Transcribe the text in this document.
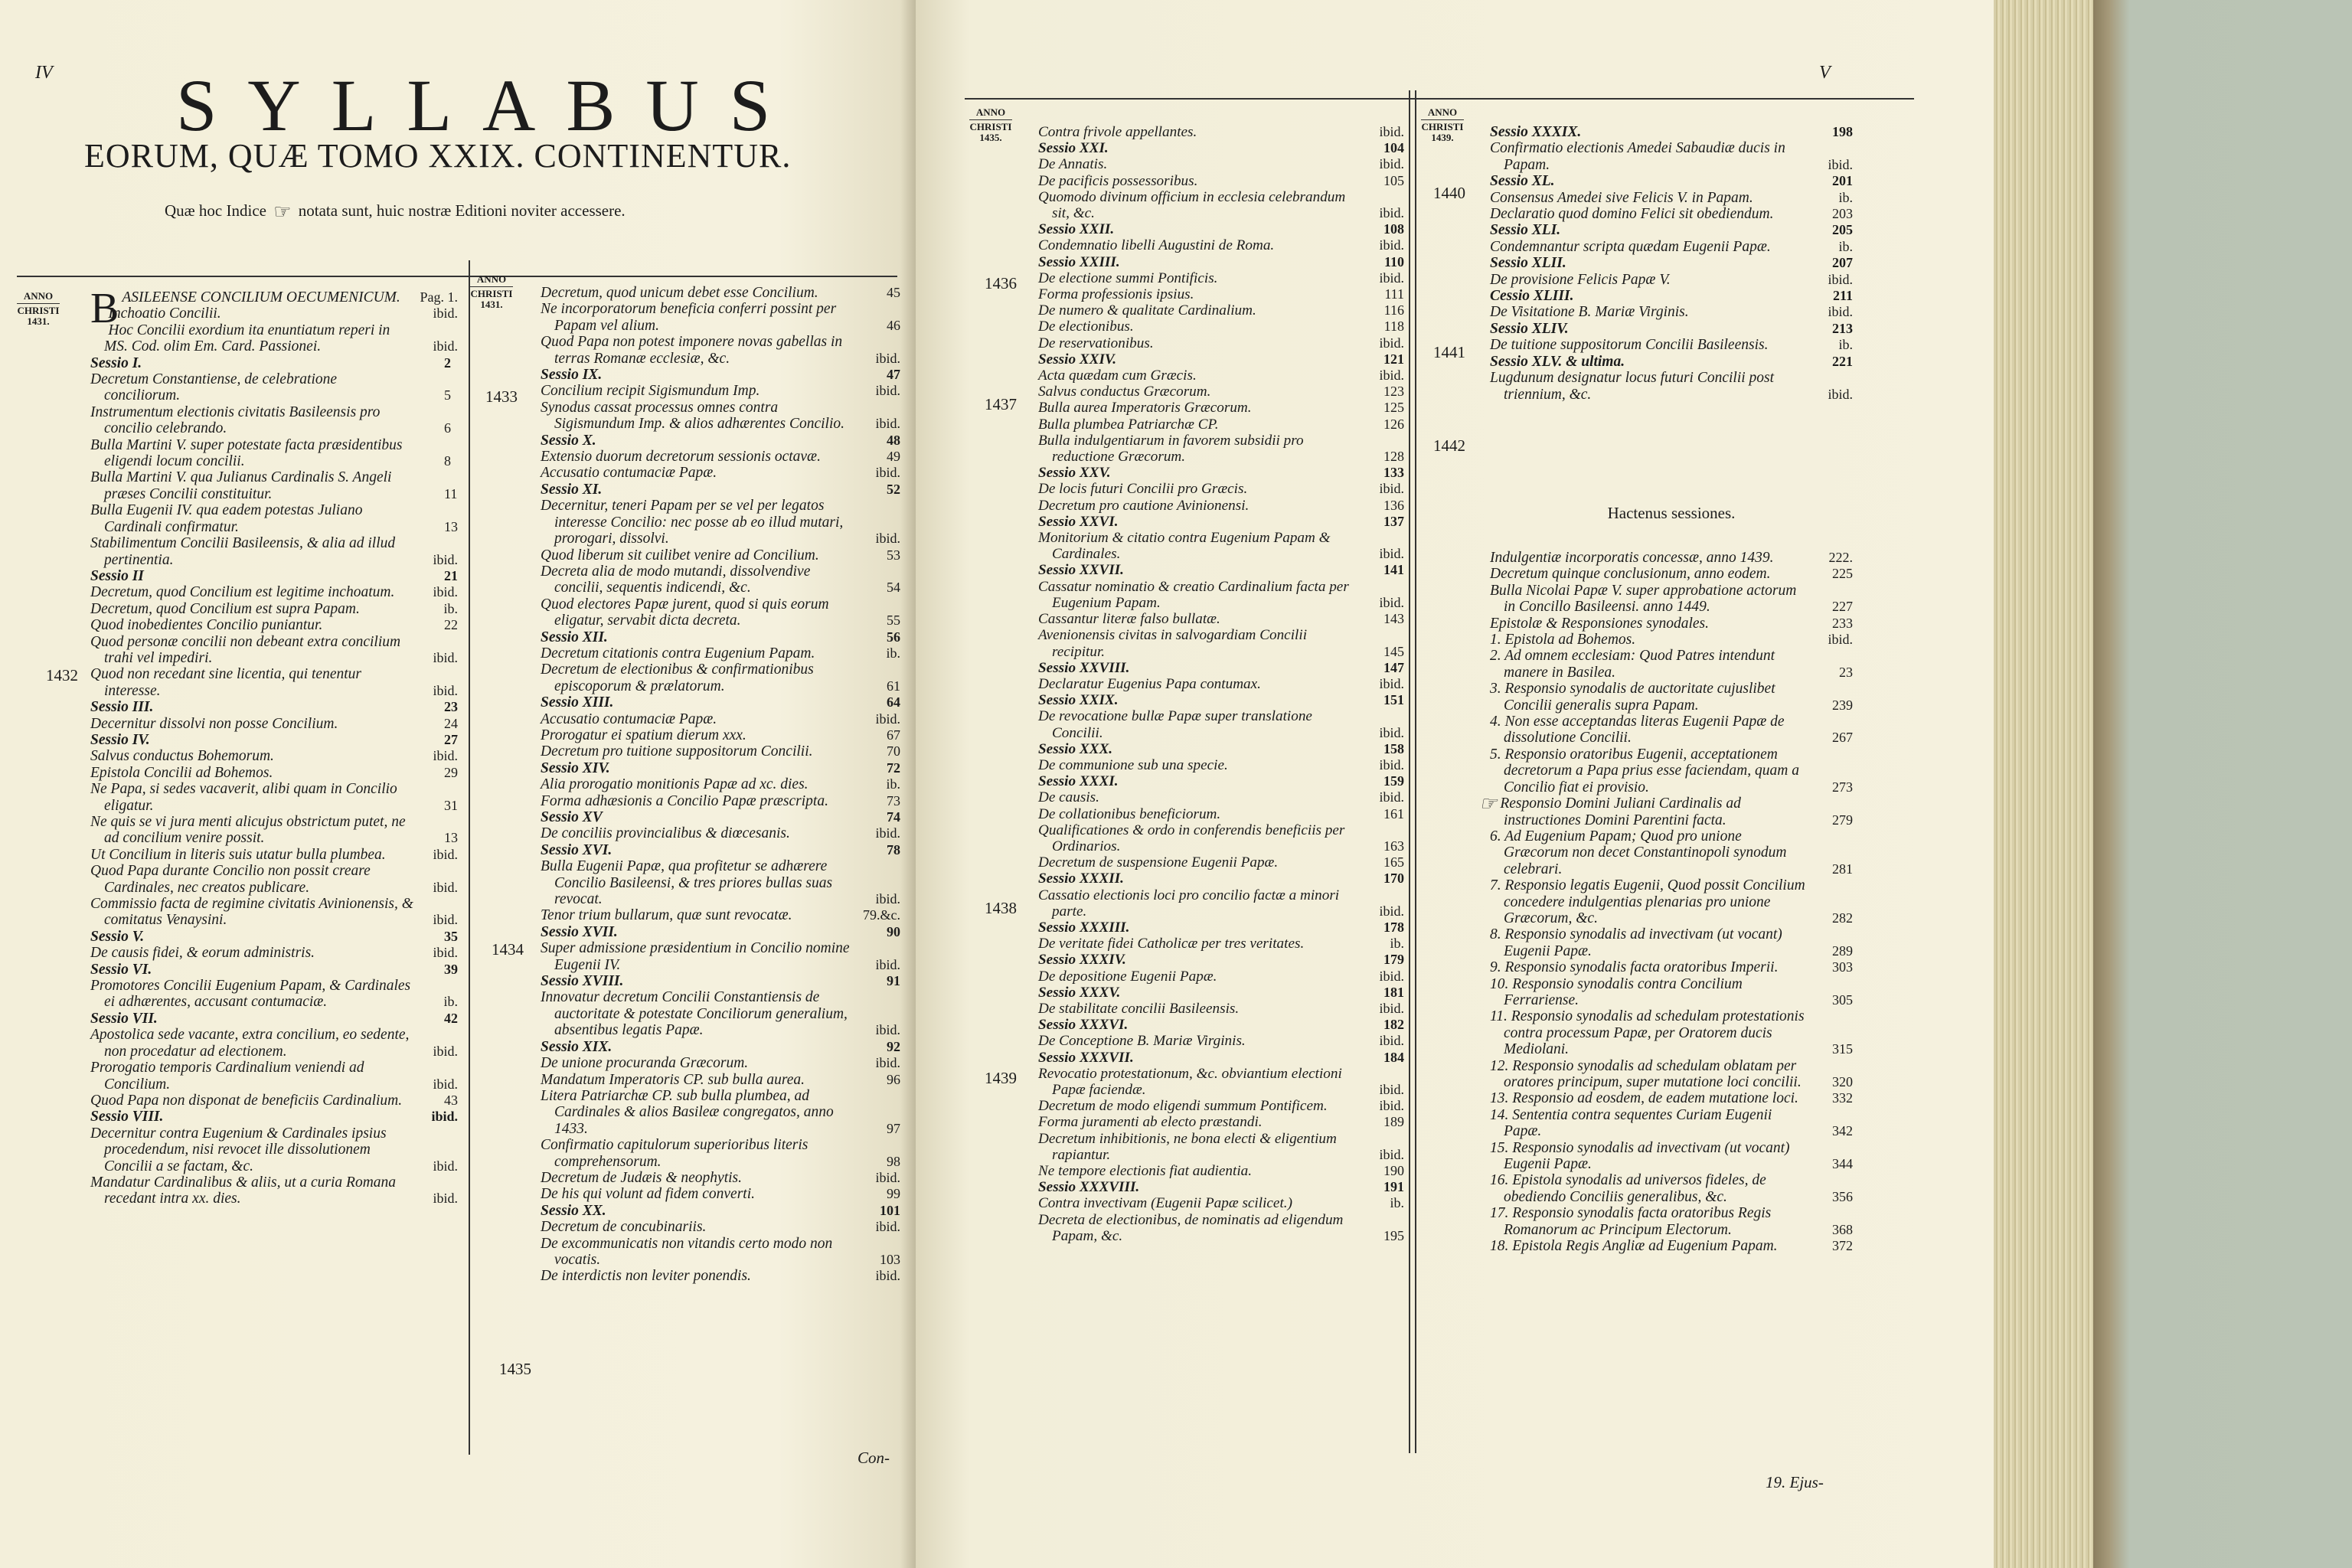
IV SYLLABUS
EORUM, QUÆ TOMO XXIX. CONTINENTUR.
Quæ hoc Indice ☞ notata sunt, huic nostræ Editioni noviter accessere.
ANNO
CHRISTI
1431.
ANNO
CHRISTI
1431.
BASILEENSE CONCILIUM OECUMENICUM. Pag. 1.
Inchoatio Concilii.	ibid.
Hoc Concilii exordium ita enuntiatum reperi in MS. Cod. olim Em. Card. Passionei.	ibid.
Sessio I.	2
Decretum Constantiense, de celebratione conciliorum.	5
Instrumentum electionis civitatis Basileensis pro concilio celebrando.	6
Bulla Martini V. super potestate facta præsidentibus eligendi locum concilii.	8
Bulla Martini V. qua Julianus Cardinalis S. Angeli præses Concilii constituitur.	11
Bulla Eugenii IV. qua eadem potestas Juliano Cardinali confirmatur.	13
Stabilimentum Concilii Basileensis, & alia ad illud pertinentia.	ibid.
Sessio II	21
Decretum, quod Concilium est legitime inchoatum.	ibid.
Decretum, quod Concilium est supra Papam.	ib.
Quod inobedientes Concilio puniantur.	22
Quod personæ concilii non debeant extra concilium trahi vel impediri.	ibid.
Quod non recedant sine licentia, qui tenentur interesse.	ibid.
Sessio III.	23
Decernitur dissolvi non posse Concilium.	24
Sessio IV.	27
Salvus conductus Bohemorum.	ibid.
Epistola Concilii ad Bohemos.	29
Ne Papa, si sedes vacaverit, alibi quam in Concilio eligatur.	31
Ne quis se vi jura menti alicujus obstrictum putet, ne ad concilium venire possit.	13
Ut Concilium in literis suis utatur bulla plumbea.	ibid.
Quod Papa durante Concilio non possit creare Cardinales, nec creatos publicare.	ibid.
Commissio facta de regimine civitatis Avinionensis, & comitatus Venaysini.	ibid.
Sessio V.	35
De causis fidei, & eorum administris.	ibid.
Sessio VI.	39
Promotores Concilii Eugenium Papam, & Cardinales ei adhærentes, accusant contumaciæ.	ib.
Sessio VII.	42
Apostolica sede vacante, extra concilium, eo sedente, non procedatur ad electionem.	ibid.
Prorogatio temporis Cardinalium veniendi ad Concilium.	ibid.
Quod Papa non disponat de beneficiis Cardinalium.	43
Sessio VIII.	ibid.
Decernitur contra Eugenium & Cardinales ipsius procedendum, nisi revocet ille dissolutionem Concilii a se factam, &c.	ibid.
Mandatur Cardinalibus & aliis, ut a curia Romana recedant intra xx. dies.	ibid.
Decretum, quod unicum debet esse Concilium.	45
Ne incorporatorum beneficia conferri possint per Papam vel alium.	46
Quod Papa non potest imponere novas gabellas in terras Romanæ ecclesiæ, &c.	ibid.
Sessio IX.	47
Concilium recipit Sigismundum Imp.	ibid.
Synodus cassat processus omnes contra Sigismundum Imp. & alios adhærentes Concilio. ibid.
Sessio X.	48
Extensio duorum decretorum sessionis octavæ.	49
Accusatio contumaciæ Papæ.	ibid.
Sessio XI.	52
Decernitur, teneri Papam per se vel per legatos interesse Concilio: nec posse ab eo illud mutari, prorogari, dissolvi.	ibid.
Quod liberum sit cuilibet venire ad Concilium.	53
Decreta alia de modo mutandi, dissolvendive concilii, sequentis indicendi, &c.	54
Quod electores Papæ jurent, quod si quis eorum eligatur, servabit dicta decreta.	55
Sessio XII.	56
Decretum citationis contra Eugenium Papam.	ib.
Decretum de electionibus & confirmationibus episcoporum & prælatorum.	61
Sessio XIII.	64
Accusatio contumaciæ Papæ.	ibid.
Prorogatur ei spatium dierum xxx.	67
Decretum pro tuitione suppositorum Concilii.	70
Sessio XIV.	72
Alia prorogatio monitionis Papæ ad xc. dies.	ib.
Forma adhæsionis a Concilio Papæ præscripta.	73
Sessio XV	74
De conciliis provincialibus & diœcesanis.	ibid.
Sessio XVI.	78
Bulla Eugenii Papæ, qua profitetur se adhærere Concilio Basileensi, & tres priores bullas suas revocat.	ibid.
Tenor trium bullarum, quæ sunt revocatæ.	79.&c.
Sessio XVII.	90
Super admissione præsidentium in Concilio nomine Eugenii IV.	ibid.
Sessio XVIII.	91
Innovatur decretum Concilii Constantiensis de auctoritate & potestate Conciliorum generalium, absentibus legatis Papæ.	ibid.
Sessio XIX.	92
De unione procuranda Græcorum.	ibid.
Mandatum Imperatoris CP. sub bulla aurea.	96
Litera Patriarchæ CP. sub bulla plumbea, ad Cardinales & alios Basileæ congregatos, anno 1433.	97
Confirmatio capitulorum superioribus literis comprehensorum.	98
Decretum de Judæis & neophytis.	ibid.
De his qui volunt ad fidem converti.	99
Sessio XX.	101
Decretum de concubinariis.	ibid.
De excommunicatis non vitandis certo modo non vocatis.	103
De interdictis non leviter ponendis.	ibid.
1432
1433
1434
1435
Con-
V
ANNO
CHRISTI
1435.
ANNO
CHRISTI
1439.
Contra frivole appellantes.	ibid.
Sessio XXI.	104
De Annatis.	ibid.
De pacificis possessoribus.	105
Quomodo divinum officium in ecclesia celebrandum sit, &c.	ibid.
Sessio XXII.	108
Condemnatio libelli Augustini de Roma.	ibid.
Sessio XXIII.	110
De electione summi Pontificis.	ibid.
Forma professionis ipsius.	111
De numero & qualitate Cardinalium.	116
De electionibus.	118
De reservationibus.	ibid.
Sessio XXIV.	121
Acta quædam cum Græcis.	ibid.
Salvus conductus Græcorum.	123
Bulla aurea Imperatoris Græcorum.	125
Bulla plumbea Patriarchæ CP.	126
Bulla indulgentiarum in favorem subsidii pro reductione Græcorum.	128
Sessio XXV.	133
De locis futuri Concilii pro Græcis.	ibid.
Decretum pro cautione Avinionensi.	136
Sessio XXVI.	137
Monitorium & citatio contra Eugenium Papam & Cardinales.	ibid.
Sessio XXVII.	141
Cassatur nominatio & creatio Cardinalium facta per Eugenium Papam.	ibid.
Cassantur literæ falso bullatæ.	143
Avenionensis civitas in salvogardiam Concilii recipitur.	145
Sessio XXVIII.	147
Declaratur Eugenius Papa contumax.	ibid.
Sessio XXIX.	151
De revocatione bullæ Papæ super translatione Concilii.	ibid.
Sessio XXX.	158
De communione sub una specie.	ibid.
Sessio XXXI.	159
De causis.	ibid.
De collationibus beneficiorum.	161
Qualificationes & ordo in conferendis beneficiis per Ordinarios.	163
Decretum de suspensione Eugenii Papæ.	165
Sessio XXXII.	170
Cassatio electionis loci pro concilio factæ a minori parte.	ibid.
Sessio XXXIII.	178
De veritate fidei Catholicæ per tres veritates.	ib.
Sessio XXXIV.	179
De depositione Eugenii Papæ.	ibid.
Sessio XXXV.	181
De stabilitate concilii Basileensis.	ibid.
Sessio XXXVI.	182
De Conceptione B. Mariæ Virginis.	ibid.
Sessio XXXVII.	184
Revocatio protestationum, &c. obviantium electioni Papæ faciendæ.	ibid.
Decretum de modo eligendi summum Pontificem.	ibid.
Forma juramenti ab electo præstandi.	189
Decretum inhibitionis, ne bona electi & eligentium rapiantur.	ibid.
Ne tempore electionis fiat audientia.	190
Sessio XXXVIII.	191
Contra invectivam (Eugenii Papæ scilicet.)	ib.
Decreta de electionibus, de nominatis ad eligendum Papam, &c.	195
Sessio XXXIX.	198
Confirmatio electionis Amedei Sabaudiæ ducis in Papam.	ibid.
Sessio XL.	201
Consensus Amedei sive Felicis V. in Papam.	ib.
Declaratio quod domino Felici sit obediendum.	203
Sessio XLI.	205
Condemnantur scripta quædam Eugenii Papæ.	ib.
Sessio XLII.	207
De provisione Felicis Papæ V.	ibid.
Cessio XLIII.	211
De Visitatione B. Mariæ Virginis.	ibid.
Sessio XLIV.	213
De tuitione suppositorum Concilii Basileensis.	ib.
Sessio XLV. & ultima.	221
Lugdunum designatur locus futuri Concilii post triennium, &c.	ibid.
Hactenus sessiones.
Indulgentiæ incorporatis concessæ, anno 1439.	222.
Decretum quinque conclusionum, anno eodem.	225
Bulla Nicolai Papæ V. super approbatione actorum in Concillo Basileensi. anno 1449.	227
Epistolæ & Responsiones synodales.	233
1. Epistola ad Bohemos.	ibid.
2. Ad omnem ecclesiam: Quod Patres intendunt manere in Basilea.	23
3. Responsio synodalis de auctoritate cujuslibet Concilii generalis supra Papam.	239
4. Non esse acceptandas literas Eugenii Papæ de dissolutione Concilii.	267
5. Responsio oratoribus Eugenii, acceptationem decretorum a Papa prius esse faciendam, quam a Concilio fiat ei provisio.	273
☞ Responsio Domini Juliani Cardinalis ad instructiones Domini Parentini facta.	279
6. Ad Eugenium Papam; Quod pro unione Græcorum non decet Constantinopoli synodum celebrari.	281
7. Responsio legatis Eugenii, Quod possit Concilium concedere indulgentias plenarias pro unione Græcorum, &c.	282
8. Responsio synodalis ad invectivam (ut vocant) Eugenii Papæ.	289
9. Responsio synodalis facta oratoribus Imperii.	303
10. Responsio synodalis contra Concilium Ferrariense.	305
11. Responsio synodalis ad schedulam protestationis contra processum Papæ, per Oratorem ducis Mediolani.	315
12. Responsio synodalis ad schedulam oblatam per oratores principum, super mutatione loci concilii. 320
13. Responsio ad eosdem, de eadem mutatione loci. 332
14. Sententia contra sequentes Curiam Eugenii Papæ.	342
15. Responsio synodalis ad invectivam (ut vocant) Eugenii Papæ.	344
16. Epistola synodalis ad universos fideles, de obediendo Conciliis generalibus, &c.	356
17. Responsio synodalis facta oratoribus Regis Romanorum ac Principum Electorum.	368
18. Epistola Regis Angliæ ad Eugenium Papam.	372
1436
1437
1438
1439
1440
1441
1442
19. Ejus-
